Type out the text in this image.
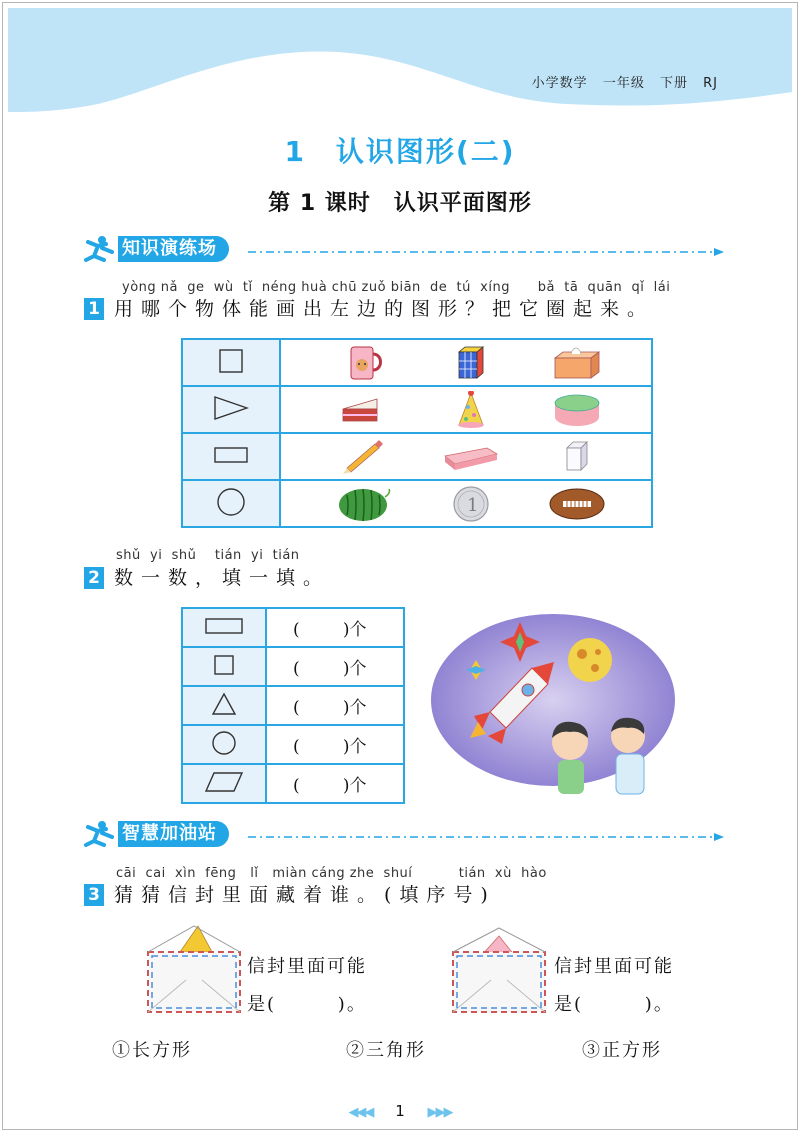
小学数学 一年级 下册 RJ
1　认识图形(二)
第 1 课时　认识平面图形
知识演练场
yòng nǎ  ge  wù  tǐ  néng huà chū zuǒ biān  de  tú  xíng      bǎ  tā  quān  qǐ  lái
1 用哪个物体能画出左边的图形？把它圈起来。

1
shǔ  yi  shǔ    tián  yi  tián
2 数一数，填一填。
	(        )个
	(        )个
	(        )个
	(        )个
	(        )个
智慧加油站
cāi  cai  xìn  fēng   lǐ   miàn cáng zhe  shuí          tián  xù  hào
3 猜猜信封里面藏着谁。(填序号)
信封里面可能
是(        )。
信封里面可能
是(        )。
①长方形	②三角形	③正方形
◀◀◀ 1 ▶▶▶
